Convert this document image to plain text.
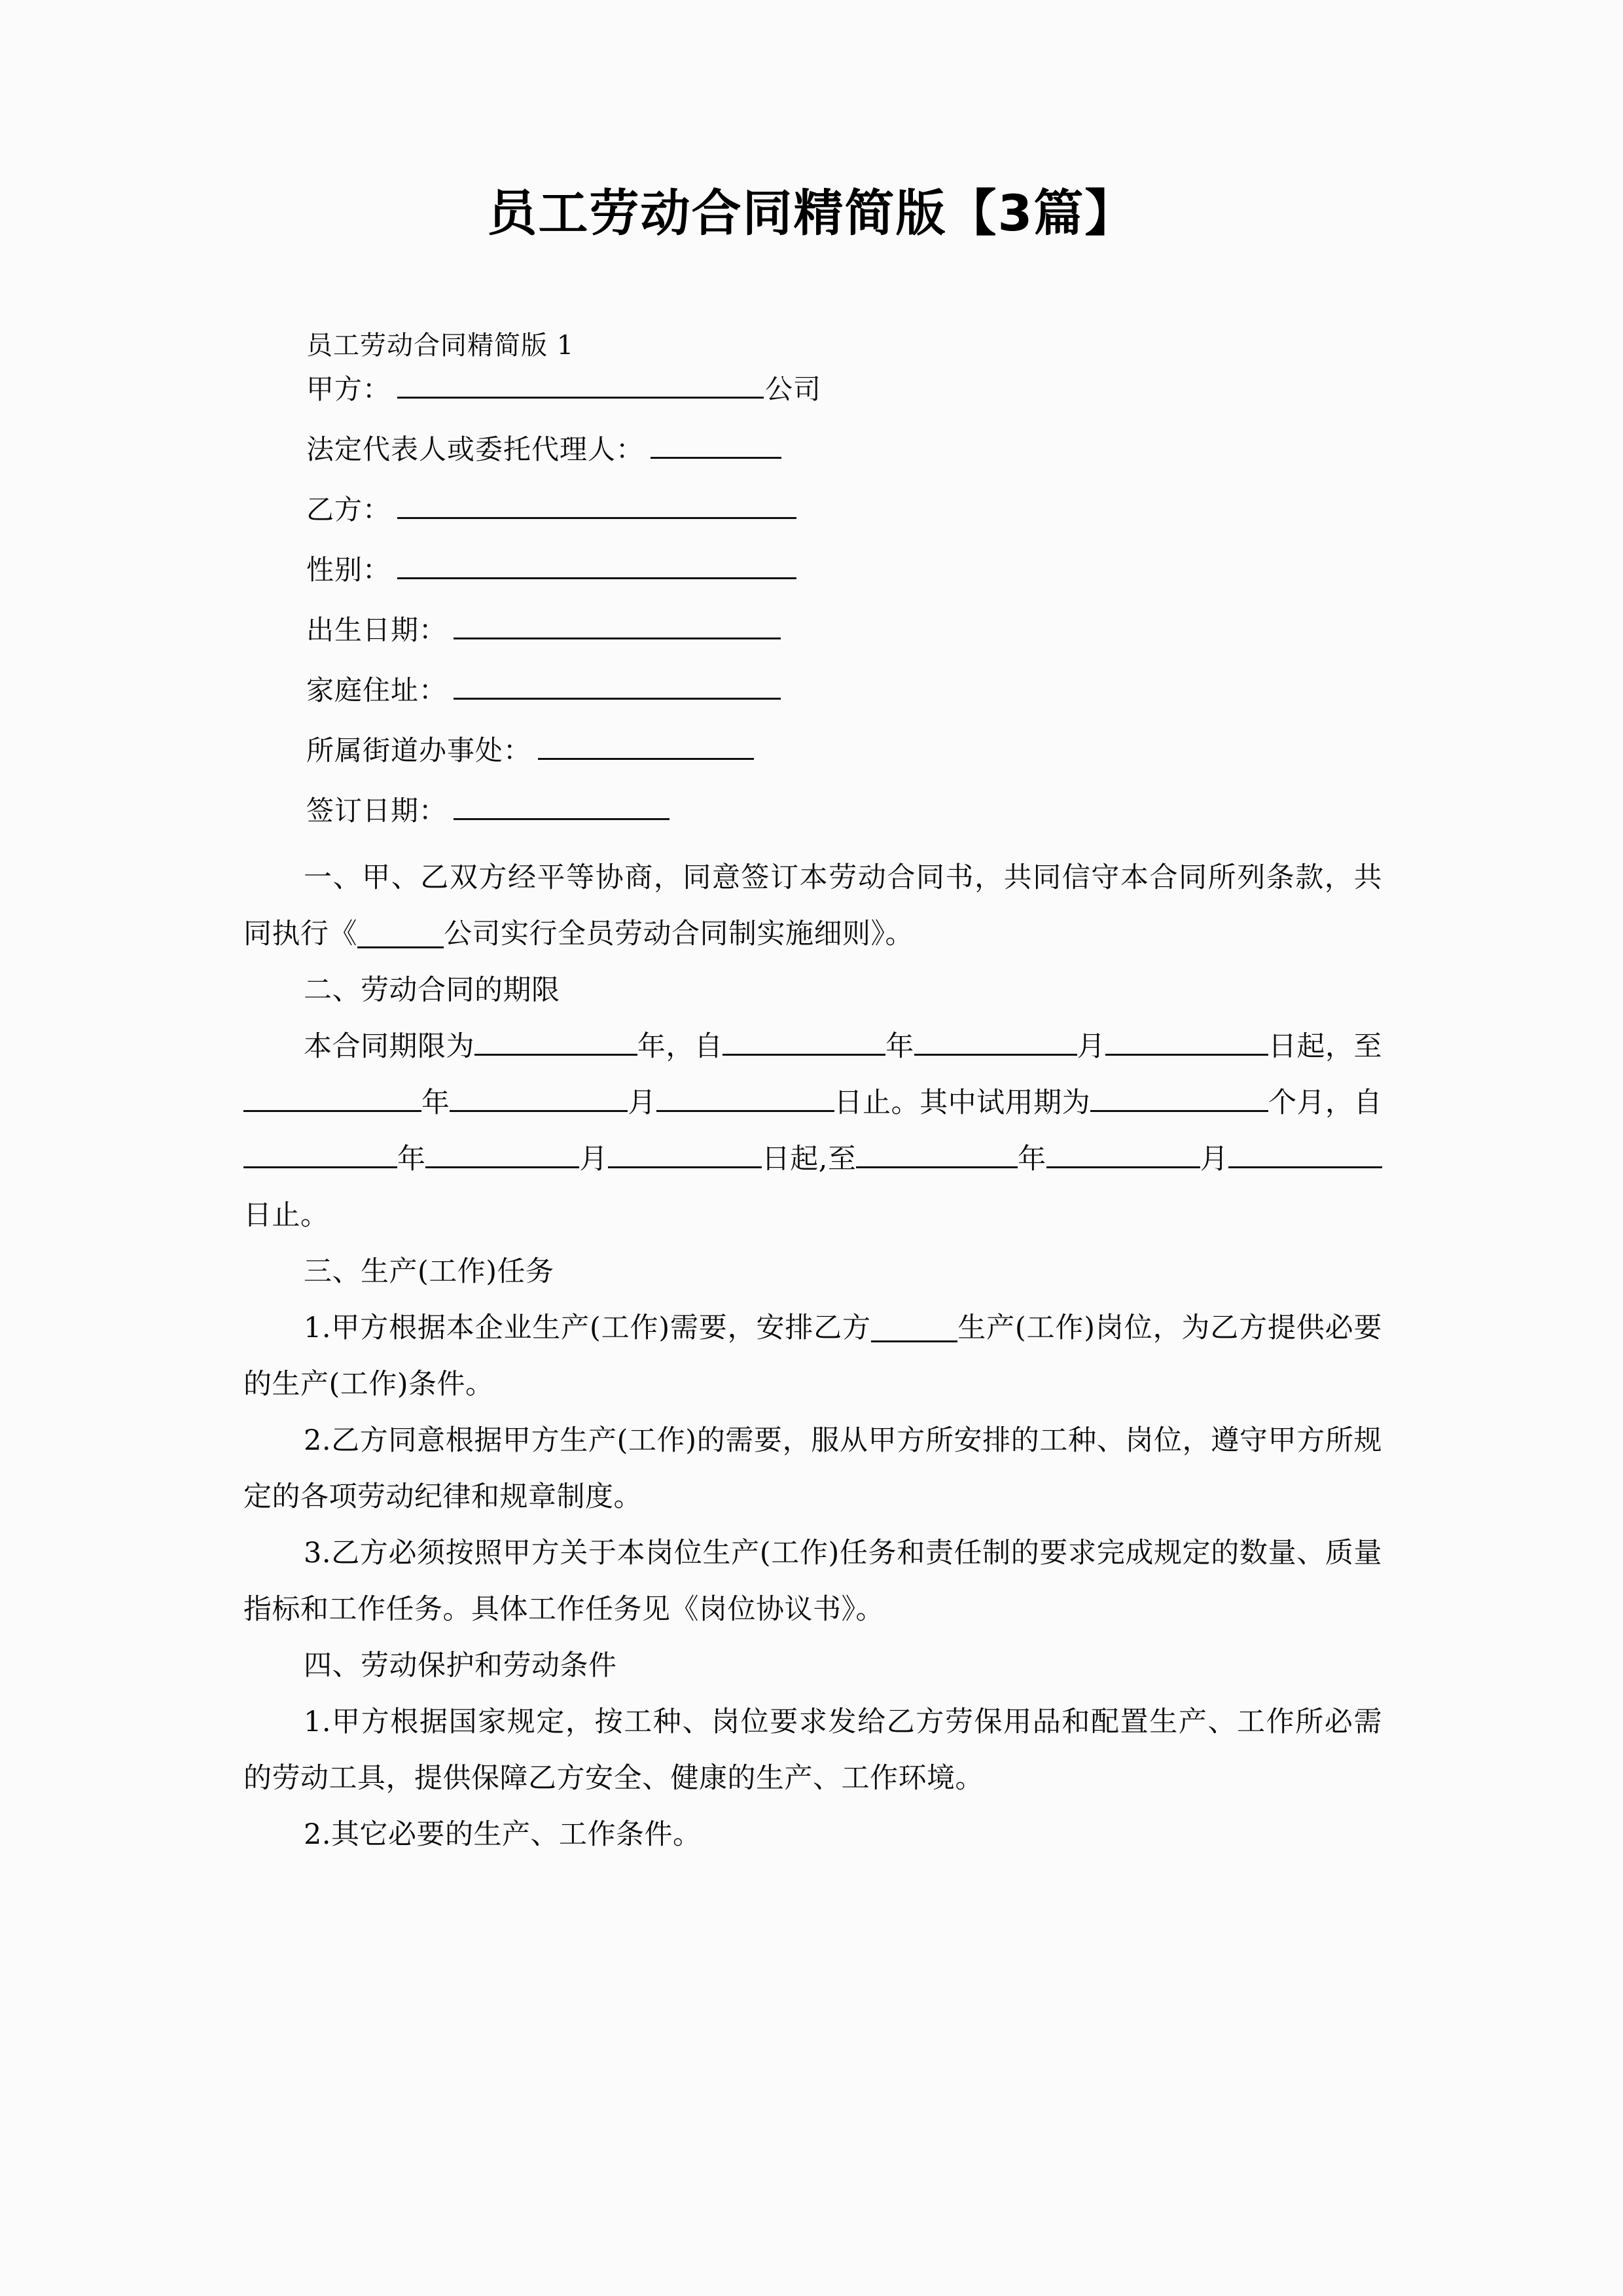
员工劳动合同精简版【3篇】

员工劳动合同精简版 1

甲方：	公司
法定代表人或委托代理人：
乙方：
性别：
出生日期：
家庭住址：
所属街道办事处：
签订日期：

一、甲、乙双方经平等协商，同意签订本劳动合同书，共同信守本合同所列条款，共同执行《	公司实行全员劳动合同制实施细则》。

二、劳动合同的期限

本合同期限为	年，自	年	月	日起，至
年	月	日止。其中试用期为	个月，自
年	月	日起,至	年	月

日止。

三、生产(工作)任务

1.甲方根据本企业生产(工作)需要，安排乙方	生产(工作)岗位，为乙方提供必要的生产(工作)条件。

2.乙方同意根据甲方生产(工作)的需要，服从甲方所安排的工种、岗位，遵守甲方所规定的各项劳动纪律和规章制度。

3.乙方必须按照甲方关于本岗位生产(工作)任务和责任制的要求完成规定的数量、质量指标和工作任务。具体工作任务见《岗位协议书》。

四、劳动保护和劳动条件

1.甲方根据国家规定，按工种、岗位要求发给乙方劳保用品和配置生产、工作所必需的劳动工具，提供保障乙方安全、健康的生产、工作环境。

2.其它必要的生产、工作条件。
